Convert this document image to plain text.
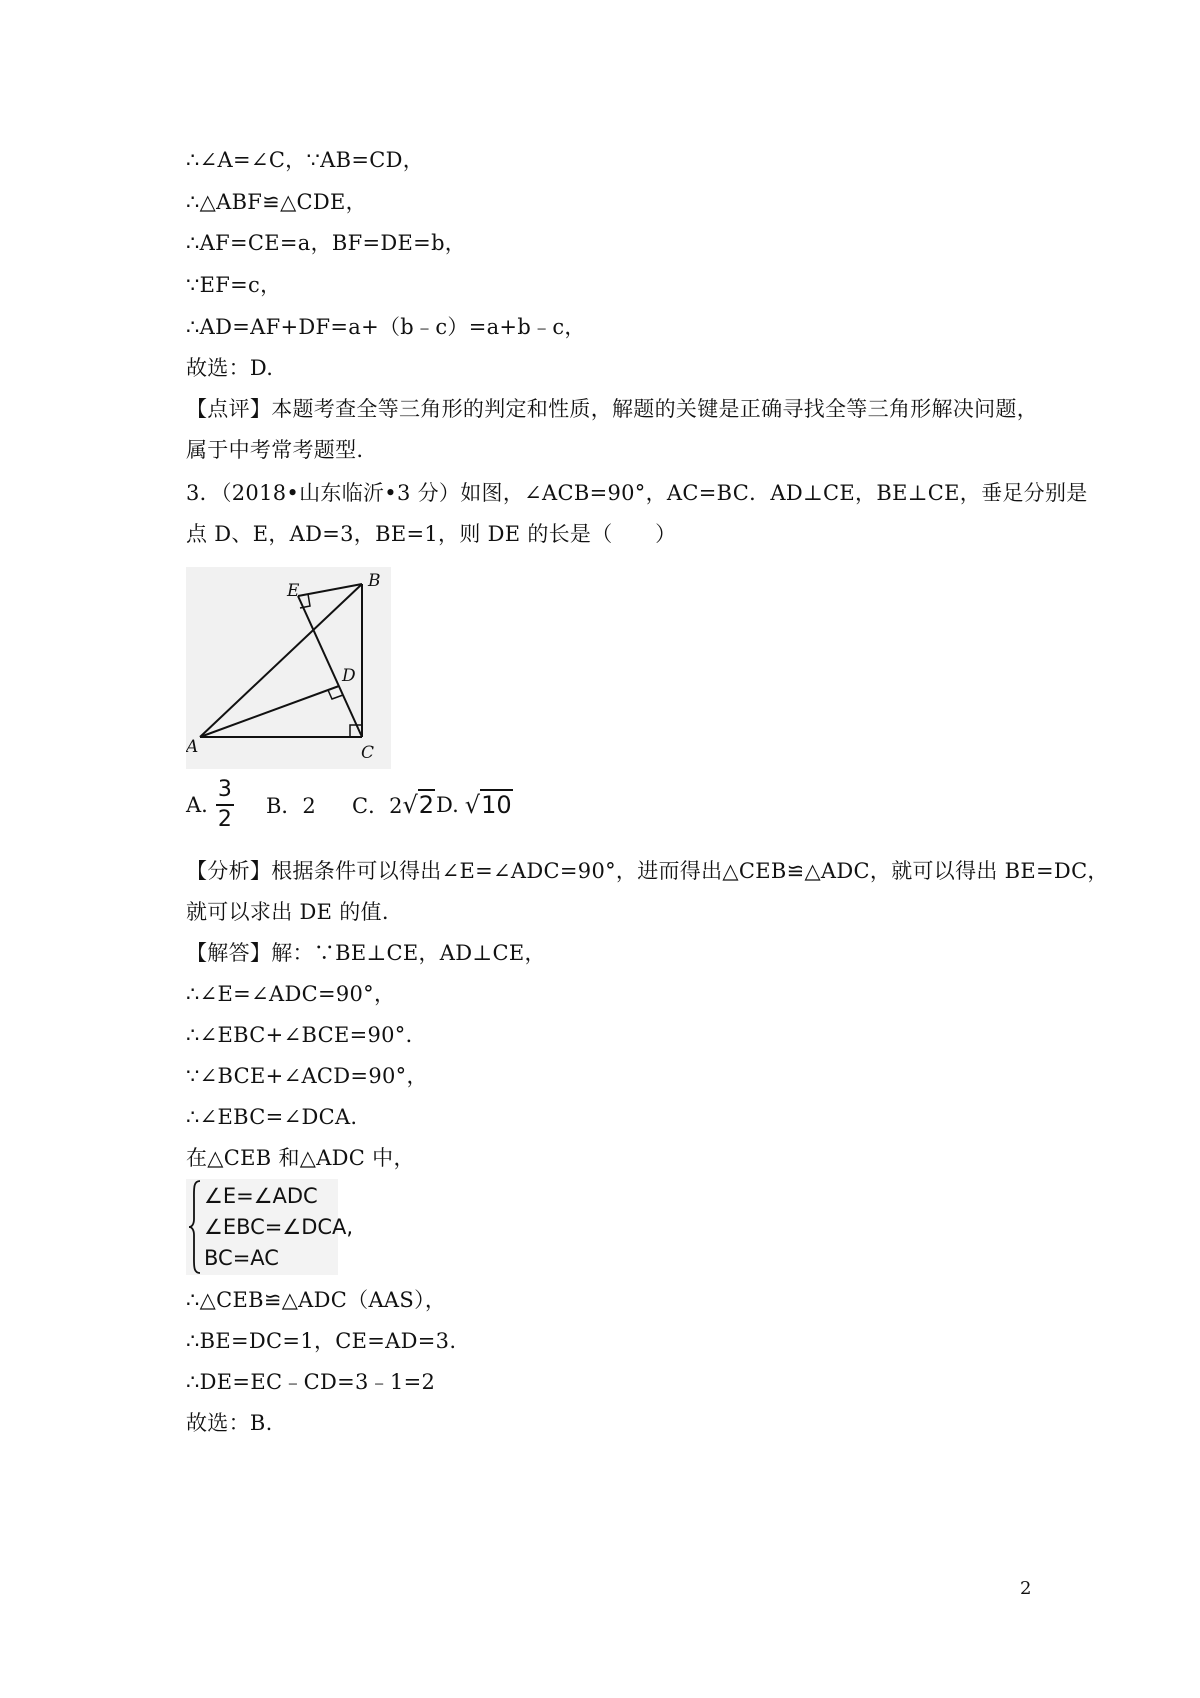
∴∠A=∠C，∵AB=CD，
∴△ABF≌△CDE，
∴AF=CE=a，BF=DE=b，
∵EF=c，
∴AD=AF+DF=a+（b﹣c）=a+b﹣c，
故选：D.
【点评】本题考查全等三角形的判定和性质，解题的关键是正确寻找全等三角形解决问题，
属于中考常考题型.
3．（2018•山东临沂•3 分）如图，∠ACB=90°，AC=BC．AD⊥CE，BE⊥CE，垂足分别是
点 D、E，AD=3，BE=1，则 DE 的长是（　　）
A
B
C
D
E
A. $\frac{3}{2}$ B．2 C．2 √2 D. √10
【分析】根据条件可以得出∠E=∠ADC=90°，进而得出△CEB≌△ADC，就可以得出 BE=DC，
就可以求出 DE 的值.
【解答】解：∵BE⊥CE，AD⊥CE，
∴∠E=∠ADC=90°，
∴∠EBC+∠BCE=90°．
∵∠BCE+∠ACD=90°，
∴∠EBC=∠DCA.
在△CEB 和△ADC 中，
∠E=∠ADC
∠EBC=∠DCA,
BC=AC
∴△CEB≌△ADC（AAS），
∴BE=DC=1，CE=AD=3.
∴DE=EC﹣CD=3﹣1=2
故选：B.
2
